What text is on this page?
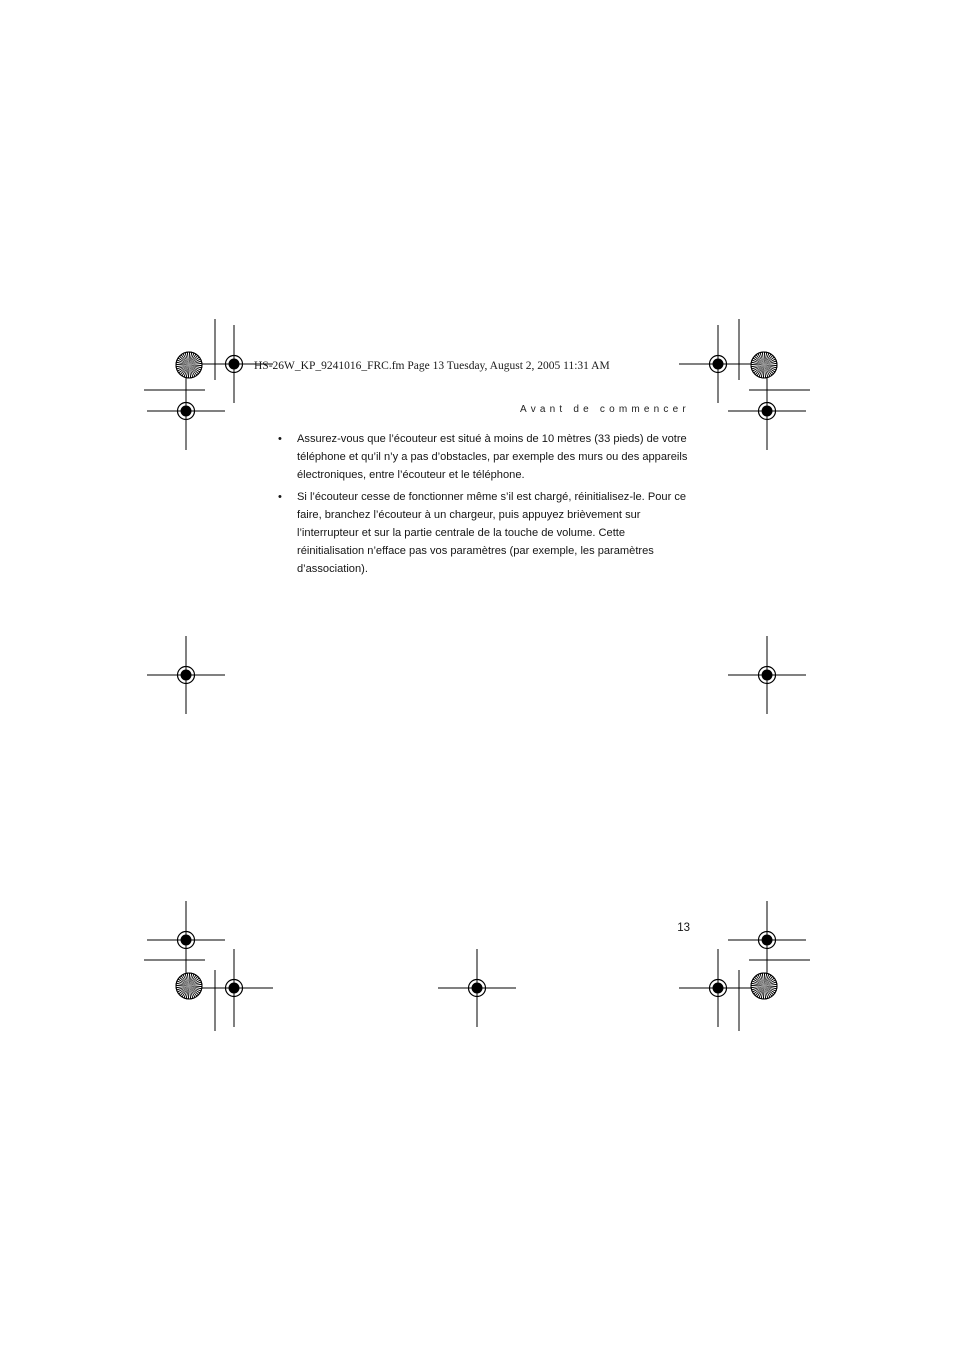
HS-26W_KP_9241016_FRC.fm Page 13 Tuesday, August 2, 2005 11:31 AM
Avant de commencer

• Assurez-vous que l’écouteur est situé à moins de 10 mètres (33 pieds) de votre téléphone et qu’il n’y a pas d’obstacles, par exemple des murs ou des appareils électroniques, entre l’écouteur et le téléphone.

• Si l’écouteur cesse de fonctionner même s’il est chargé, réinitialisez-le. Pour ce faire, branchez l’écouteur à un chargeur, puis appuyez brièvement sur l’interrupteur et sur la partie centrale de la touche de volume. Cette réinitialisation n’efface pas vos paramètres (par exemple, les paramètres d’association).

13
